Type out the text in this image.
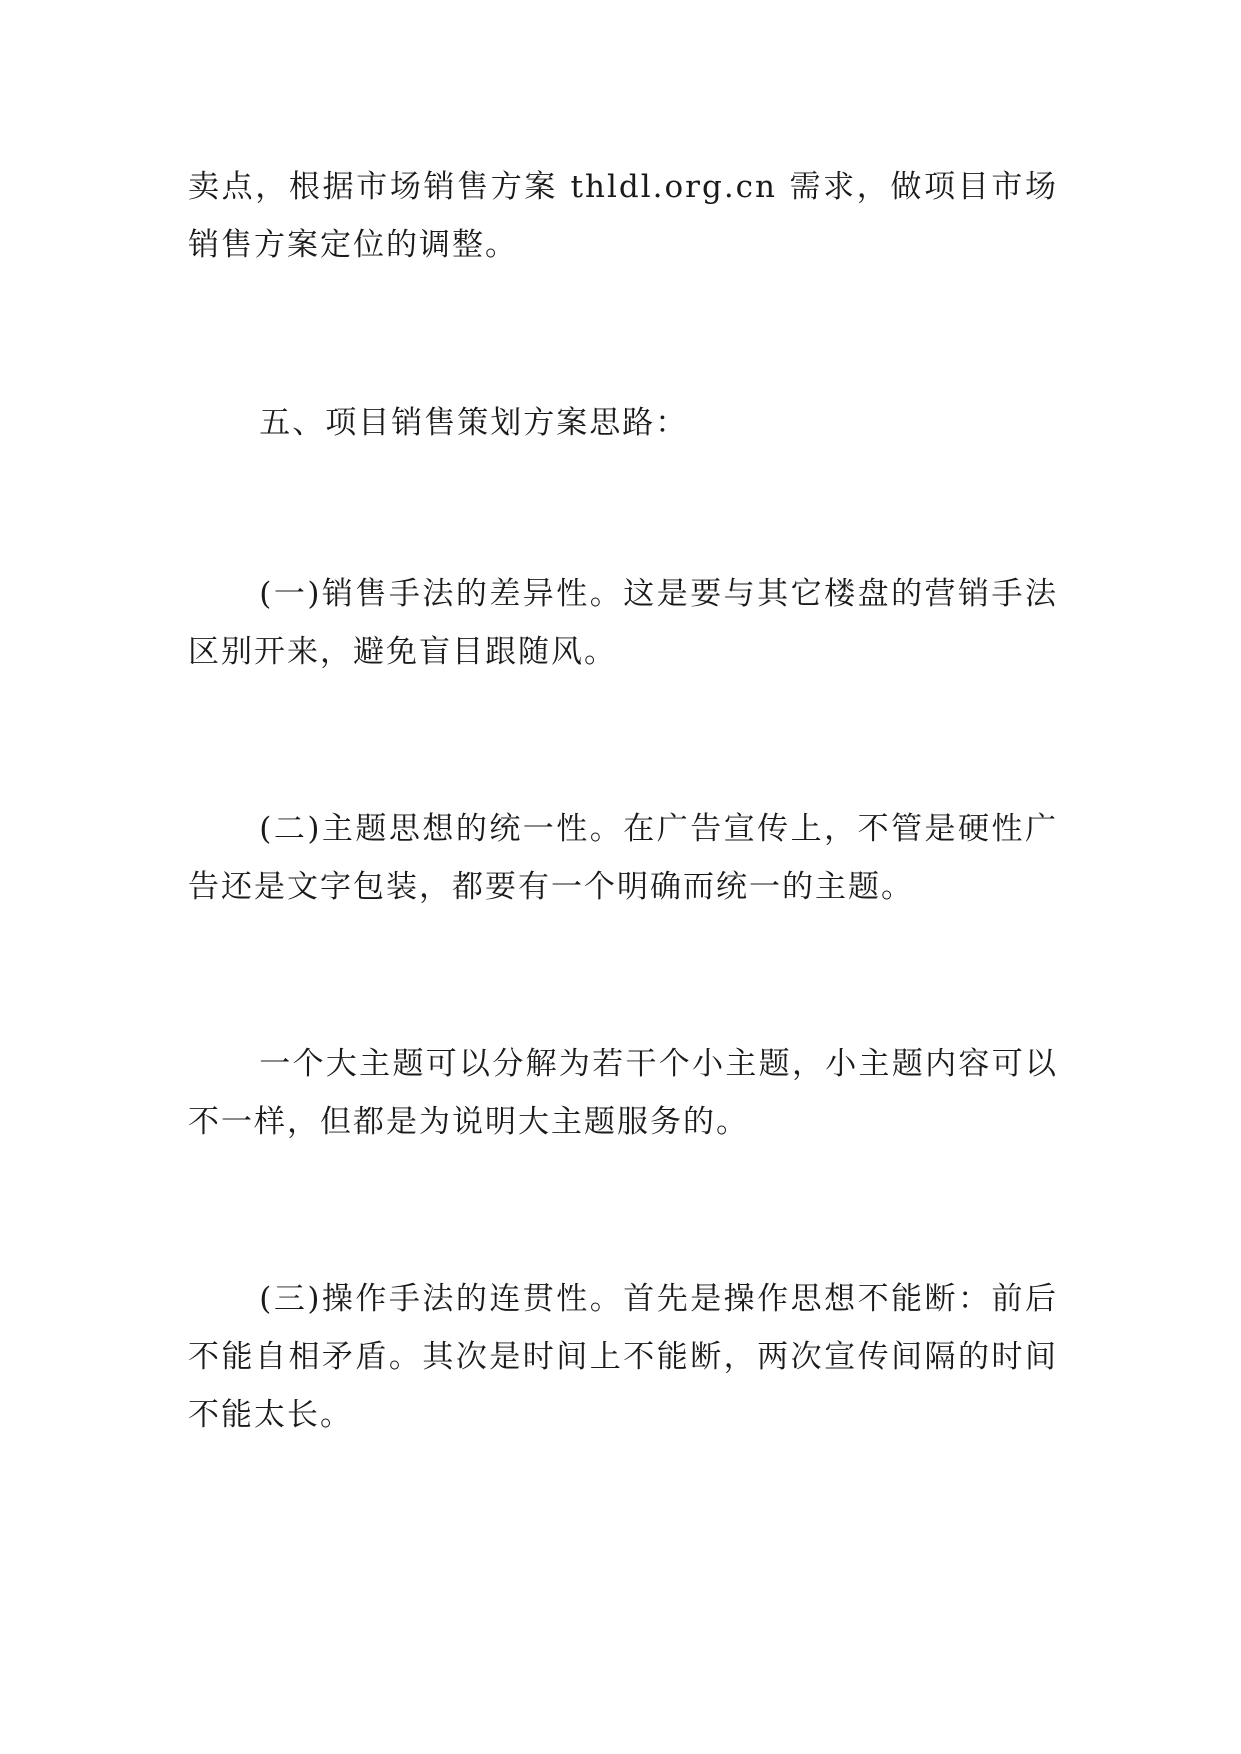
卖点，根据市场销售方案 thldl.org.cn 需求，做项目市场销售方案定位的调整。

五、项目销售策划方案思路：

(一)销售手法的差异性。这是要与其它楼盘的营销手法区别开来，避免盲目跟随风。

(二)主题思想的统一性。在广告宣传上，不管是硬性广告还是文字包装，都要有一个明确而统一的主题。

一个大主题可以分解为若干个小主题，小主题内容可以不一样，但都是为说明大主题服务的。

(三)操作手法的连贯性。首先是操作思想不能断：前后不能自相矛盾。其次是时间上不能断，两次宣传间隔的时间不能太长。
